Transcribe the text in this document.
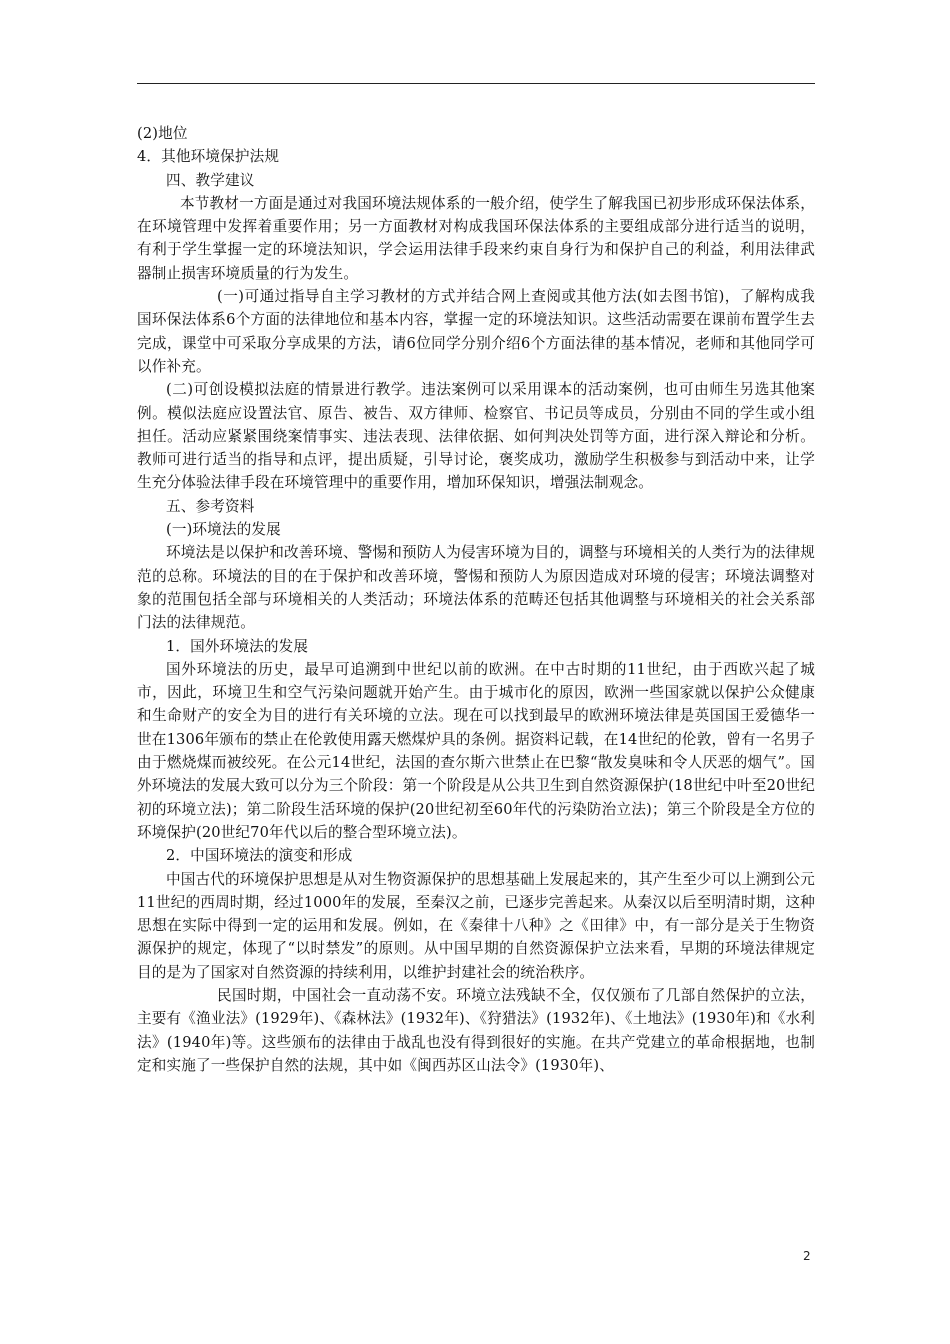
(2)地位

4．其他环境保护法规

四、教学建议

本节教材一方面是通过对我国环境法规体系的一般介绍，使学生了解我国已初步形成环保法体系，在环境管理中发挥着重要作用；另一方面教材对构成我国环保法体系的主要组成部分进行适当的说明，有利于学生掌握一定的环境法知识，学会运用法律手段来约束自身行为和保护自己的利益，利用法律武器制止损害环境质量的行为发生。

(一)可通过指导自主学习教材的方式并结合网上查阅或其他方法(如去图书馆)，了解构成我国环保法体系6个方面的法律地位和基本内容，掌握一定的环境法知识。这些活动需要在课前布置学生去完成，课堂中可采取分享成果的方法，请6位同学分别介绍6个方面法律的基本情况，老师和其他同学可以作补充。

(二)可创设模拟法庭的情景进行教学。违法案例可以采用课本的活动案例，也可由师生另选其他案例。模似法庭应设置法官、原告、被告、双方律师、检察官、书记员等成员，分别由不同的学生或小组担任。活动应紧紧围绕案情事实、违法表现、法律依据、如何判决处罚等方面，进行深入辩论和分析。教师可进行适当的指导和点评，提出质疑，引导讨论，褒奖成功，激励学生积极参与到活动中来，让学生充分体验法律手段在环境管理中的重要作用，增加环保知识，增强法制观念。

五、参考资料

(一)环境法的发展

环境法是以保护和改善环境、警惕和预防人为侵害环境为目的，调整与环境相关的人类行为的法律规范的总称。环境法的目的在于保护和改善环境，警惕和预防人为原因造成对环境的侵害；环境法调整对象的范围包括全部与环境相关的人类活动；环境法体系的范畴还包括其他调整与环境相关的社会关系部门法的法律规范。

1．国外环境法的发展

国外环境法的历史，最早可追溯到中世纪以前的欧洲。在中古时期的11世纪，由于西欧兴起了城市，因此，环境卫生和空气污染问题就开始产生。由于城市化的原因，欧洲一些国家就以保护公众健康和生命财产的安全为目的进行有关环境的立法。现在可以找到最早的欧洲环境法律是英国国王爱德华一世在1306年颁布的禁止在伦敦使用露天燃煤炉具的条例。据资料记载，在14世纪的伦敦，曾有一名男子由于燃烧煤而被绞死。在公元14世纪，法国的查尔斯六世禁止在巴黎“散发臭味和令人厌恶的烟气”。国外环境法的发展大致可以分为三个阶段：第一个阶段是从公共卫生到自然资源保护(18世纪中叶至20世纪初的环境立法)；第二阶段生活环境的保护(20世纪初至60年代的污染防治立法)；第三个阶段是全方位的环境保护(20世纪70年代以后的整合型环境立法)。

2．中国环境法的演变和形成

中国古代的环境保护思想是从对生物资源保护的思想基础上发展起来的，其产生至少可以上溯到公元11世纪的西周时期，经过1000年的发展，至秦汉之前，已逐步完善起来。从秦汉以后至明清时期，这种思想在实际中得到一定的运用和发展。例如，在《秦律十八种》之《田律》中，有一部分是关于生物资源保护的规定，体现了“以时禁发”的原则。从中国早期的自然资源保护立法来看，早期的环境法律规定目的是为了国家对自然资源的持续利用，以维护封建社会的统治秩序。

民国时期，中国社会一直动荡不安。环境立法残缺不全，仅仅颁布了几部自然保护的立法，主要有《渔业法》(1929年)、《森林法》(1932年)、《狩猎法》(1932年)、《土地法》(1930年)和《水利法》(1940年)等。这些颁布的法律由于战乱也没有得到很好的实施。在共产党建立的革命根据地，也制定和实施了一些保护自然的法规，其中如《闽西苏区山法令》(1930年)、

2
